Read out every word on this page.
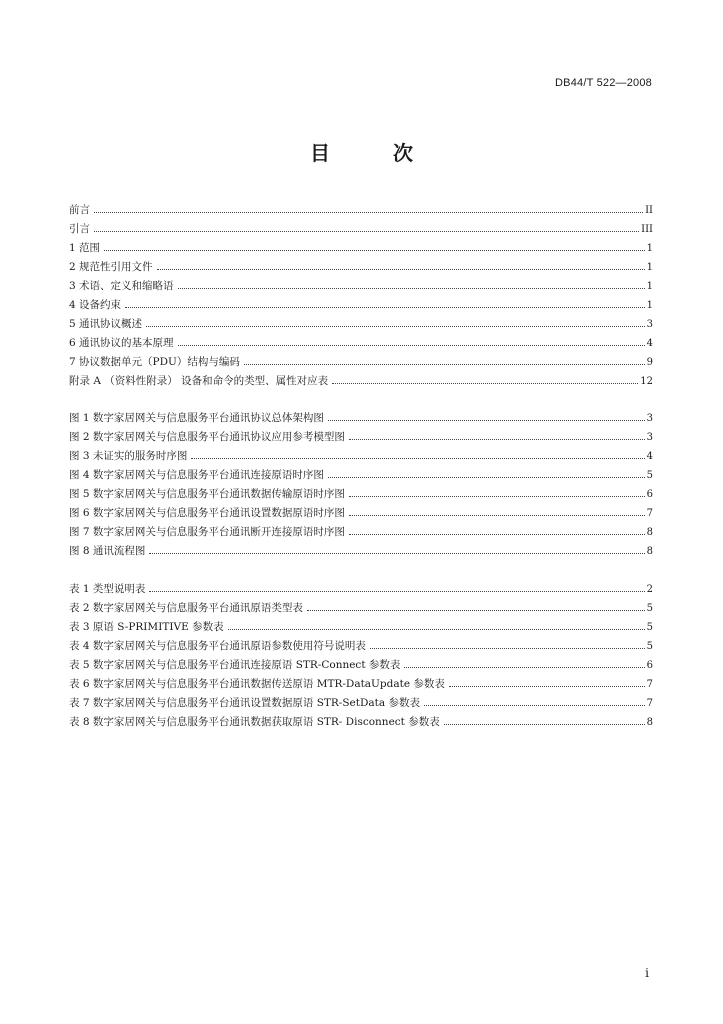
DB44/T 522—2008
目 次
前言	II
引言	III
1 范围	1
2 规范性引用文件	1
3 术语、定义和缩略语	1
4 设备约束	1
5 通讯协议概述	3
6 通讯协议的基本原理	4
7 协议数据单元（PDU）结构与编码	9
附录 A （资料性附录） 设备和命令的类型、属性对应表	12
图 1 数字家居网关与信息服务平台通讯协议总体架构图	3
图 2 数字家居网关与信息服务平台通讯协议应用参考模型图	3
图 3 未证实的服务时序图	4
图 4 数字家居网关与信息服务平台通讯连接原语时序图	5
图 5 数字家居网关与信息服务平台通讯数据传输原语时序图	6
图 6 数字家居网关与信息服务平台通讯设置数据原语时序图	7
图 7 数字家居网关与信息服务平台通讯断开连接原语时序图	8
图 8 通讯流程图	8
表 1 类型说明表	2
表 2 数字家居网关与信息服务平台通讯原语类型表	5
表 3 原语 S-PRIMITIVE 参数表	5
表 4 数字家居网关与信息服务平台通讯原语参数使用符号说明表	5
表 5 数字家居网关与信息服务平台通讯连接原语 STR-Connect 参数表	6
表 6 数字家居网关与信息服务平台通讯数据传送原语 MTR-DataUpdate 参数表	7
表 7 数字家居网关与信息服务平台通讯设置数据原语 STR-SetData 参数表	7
表 8 数字家居网关与信息服务平台通讯数据获取原语 STR- Disconnect 参数表	8
i
